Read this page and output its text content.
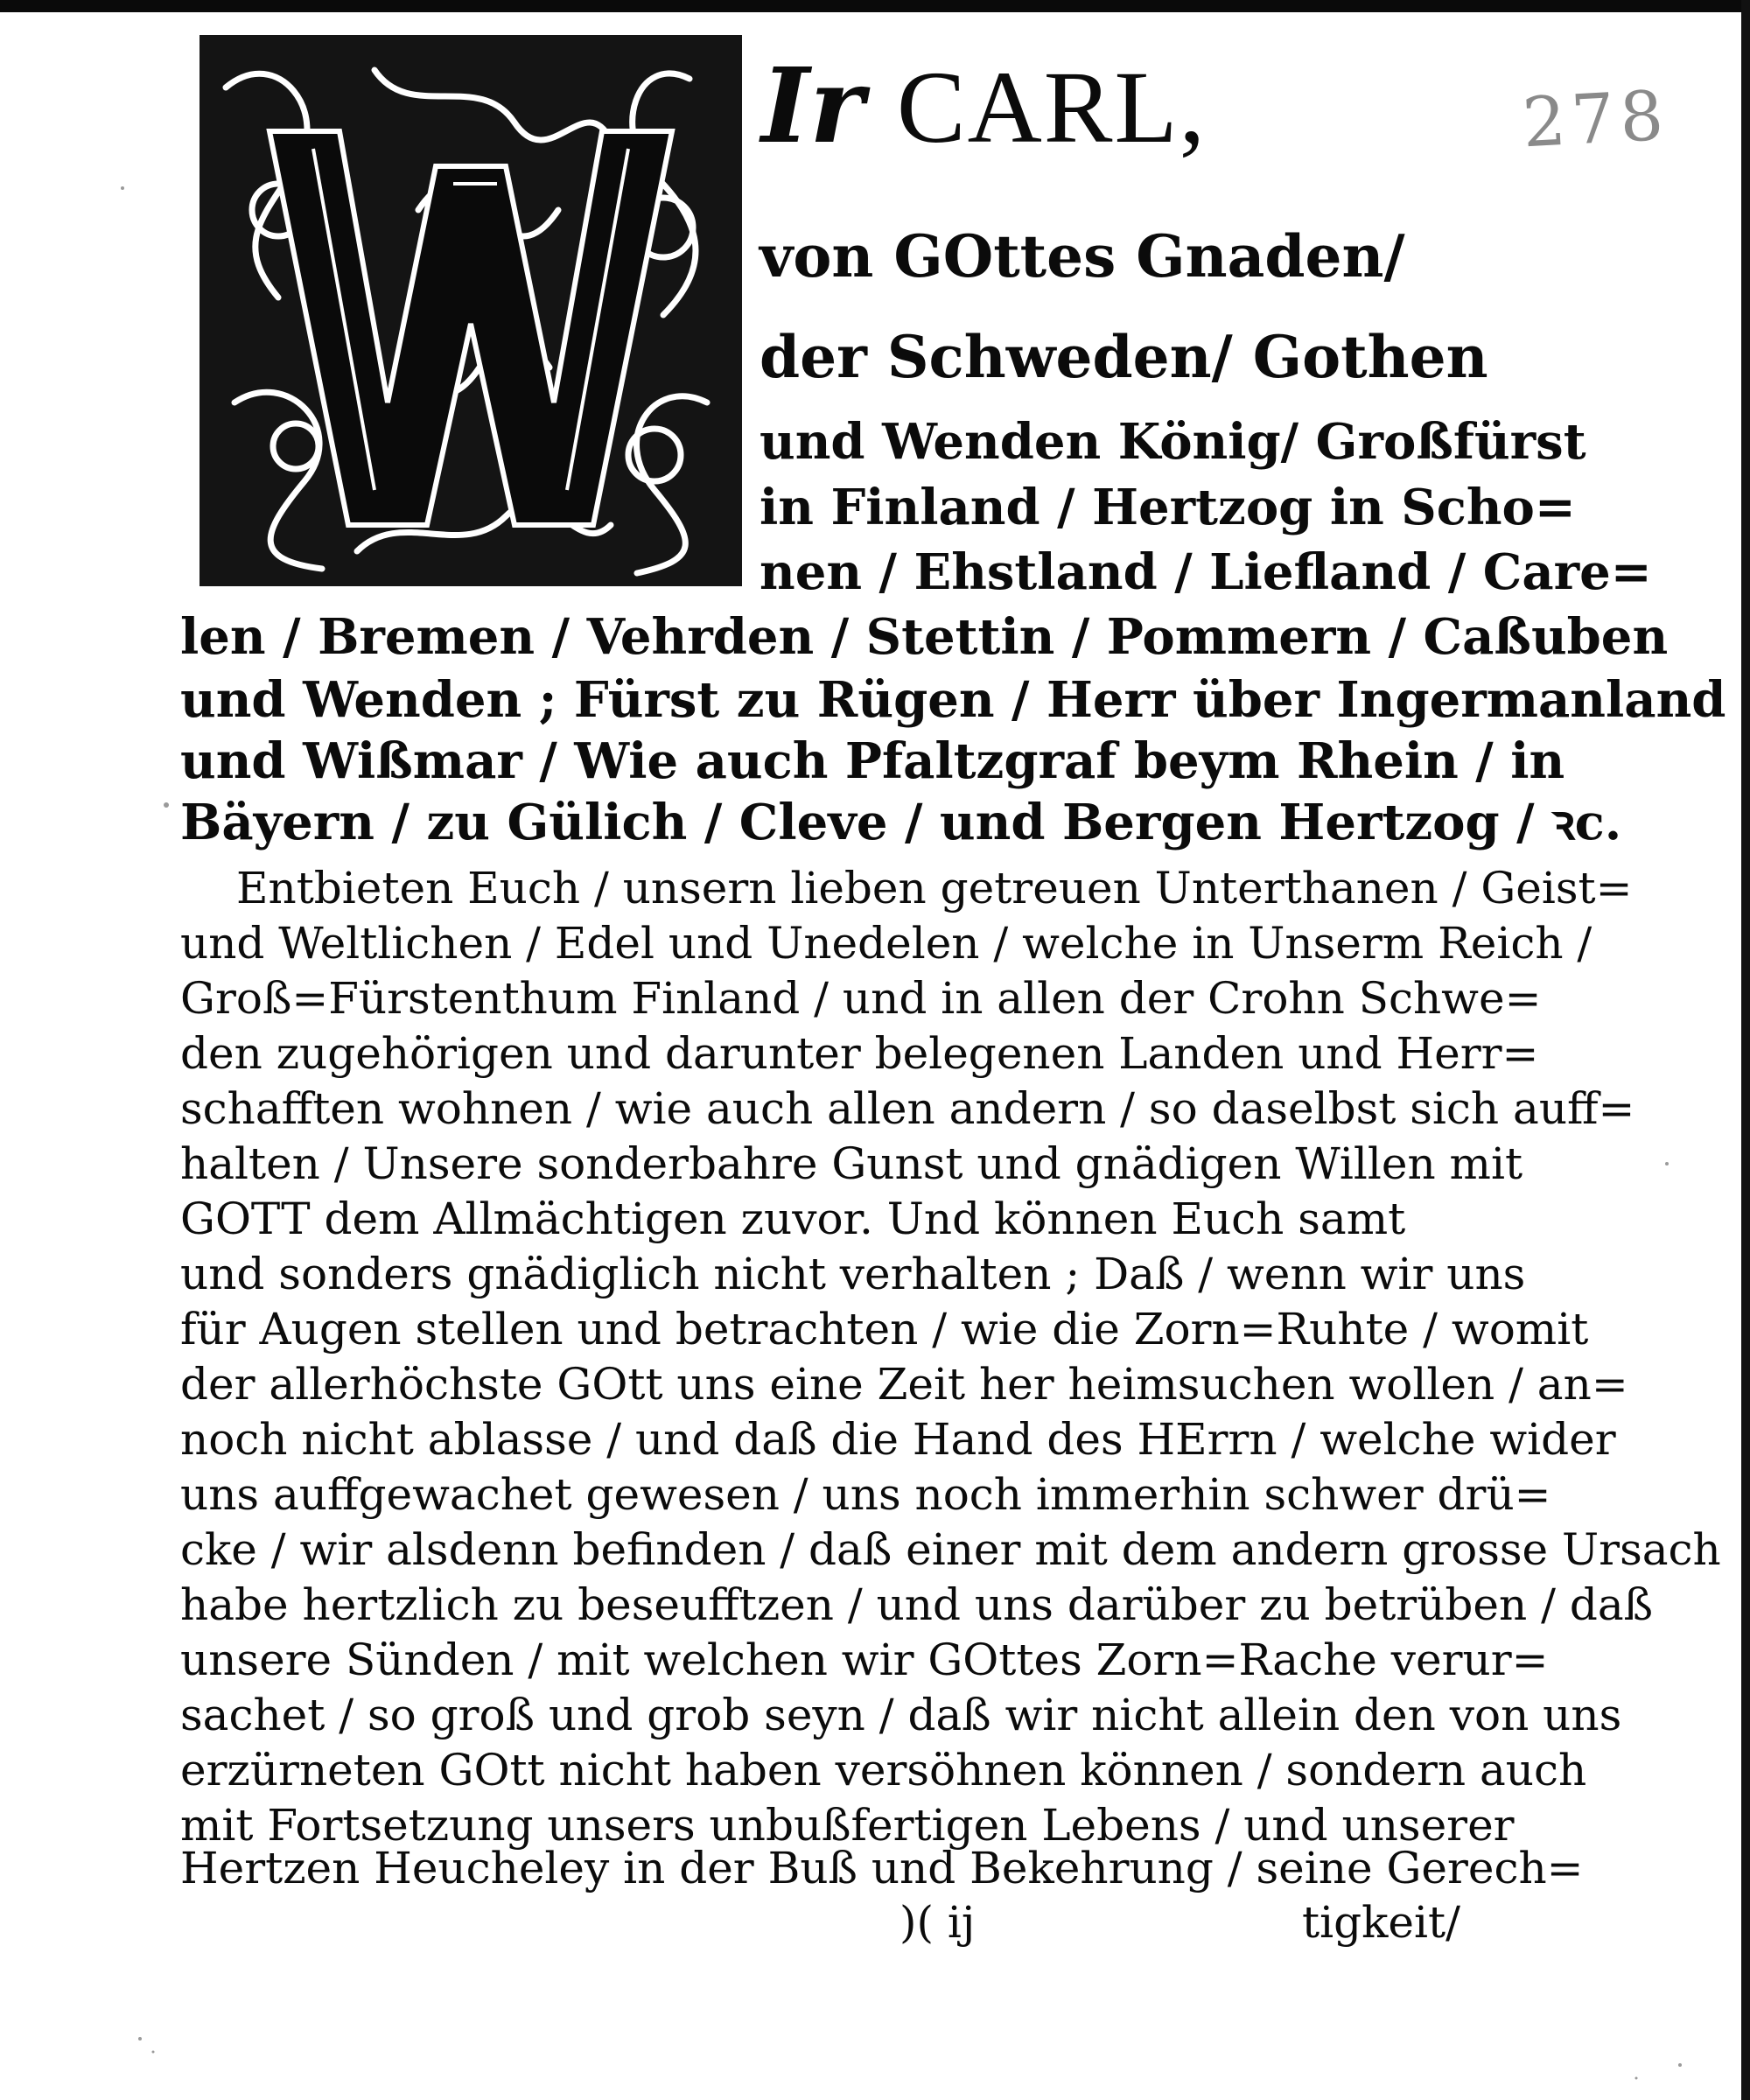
278
Ir CARL,
von GOttes Gnaden/
der Schweden/ Gothen
und Wenden König/ Großfürst
in Finland / Hertzog in Scho=
nen / Ehstland / Liefland / Care=
len / Bremen / Vehrden / Stettin / Pommern / Caßuben
und Wenden ; Fürst zu Rügen / Herr über Ingermanland
und Wißmar / Wie auch Pfaltzgraf beym Rhein / in
Bäyern / zu Gülich / Cleve / und Bergen Hertzog / ꝛc.
Entbieten Euch / unsern lieben getreuen Unterthanen / Geist=
und Weltlichen / Edel und Unedelen / welche in Unserm Reich /
Groß=Fürstenthum Finland / und in allen der Crohn Schwe=
den zugehörigen und darunter belegenen Landen und Herr=
schafften wohnen / wie auch allen andern / so daselbst sich auff=
halten / Unsere sonderbahre Gunst und gnädigen Willen mit
GOTT dem Allmächtigen zuvor. Und können Euch samt
und sonders gnädiglich nicht verhalten ; Daß / wenn wir uns
für Augen stellen und betrachten / wie die Zorn=Ruhte / womit
der allerhöchste GOtt uns eine Zeit her heimsuchen wollen / an=
noch nicht ablasse / und daß die Hand des HErrn / welche wider
uns auffgewachet gewesen / uns noch immerhin schwer drü=
cke / wir alsdenn befinden / daß einer mit dem andern grosse Ursach
habe hertzlich zu beseufftzen / und uns darüber zu betrüben / daß
unsere Sünden / mit welchen wir GOttes Zorn=Rache verur=
sachet / so groß und grob seyn / daß wir nicht allein den von uns
erzürneten GOtt nicht haben versöhnen können / sondern auch
mit Fortsetzung unsers unbußfertigen Lebens / und unserer
Hertzen Heucheley in der Buß und Bekehrung / seine Gerech=
)( ij	tigkeit/
